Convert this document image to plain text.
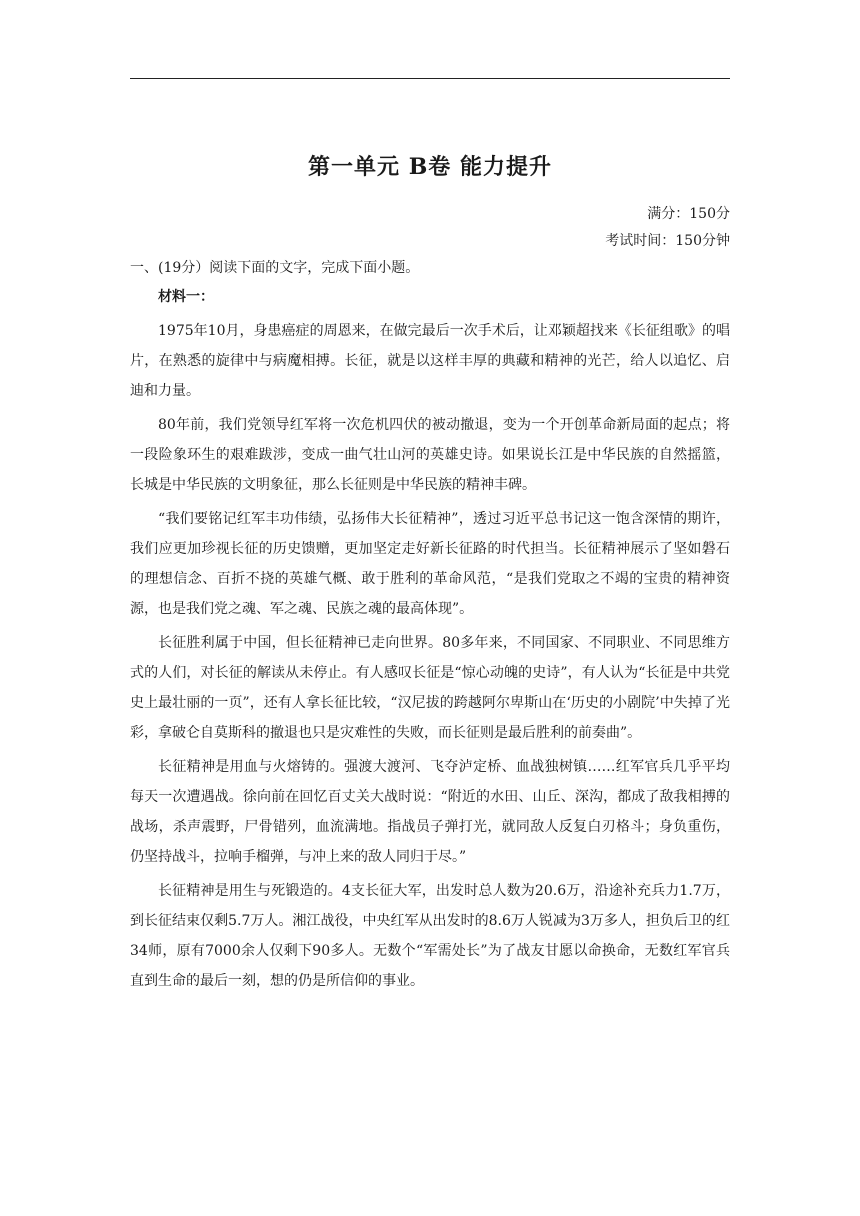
第一单元 B卷 能力提升
满分：150分
考试时间：150分钟
一、(19分）阅读下面的文字，完成下面小题。

材料一：

1975年10月，身患癌症的周恩来，在做完最后一次手术后，让邓颖超找来《长征组歌》的唱片，在熟悉的旋律中与病魔相搏。长征，就是以这样丰厚的典藏和精神的光芒，给人以追忆、启迪和力量。

80年前，我们党领导红军将一次危机四伏的被动撤退，变为一个开创革命新局面的起点；将一段险象环生的艰难跋涉，变成一曲气壮山河的英雄史诗。如果说长江是中华民族的自然摇篮，长城是中华民族的文明象征，那么长征则是中华民族的精神丰碑。

“我们要铭记红军丰功伟绩，弘扬伟大长征精神”，透过习近平总书记这一饱含深情的期许，我们应更加珍视长征的历史馈赠，更加坚定走好新长征路的时代担当。长征精神展示了坚如磐石的理想信念、百折不挠的英雄气概、敢于胜利的革命风范，“是我们党取之不竭的宝贵的精神资源，也是我们党之魂、军之魂、民族之魂的最高体现”。

长征胜利属于中国，但长征精神已走向世界。80多年来，不同国家、不同职业、不同思维方式的人们，对长征的解读从未停止。有人感叹长征是“惊心动魄的史诗”，有人认为“长征是中共党史上最壮丽的一页”，还有人拿长征比较，“汉尼拔的跨越阿尔卑斯山在‘历史的小剧院’中失掉了光彩，拿破仑自莫斯科的撤退也只是灾难性的失败，而长征则是最后胜利的前奏曲”。

长征精神是用血与火熔铸的。强渡大渡河、飞夺泸定桥、血战独树镇……红军官兵几乎平均每天一次遭遇战。徐向前在回忆百丈关大战时说：“附近的水田、山丘、深沟，都成了敌我相搏的战场，杀声震野，尸骨错列，血流满地。指战员子弹打光，就同敌人反复白刃格斗；身负重伤，仍坚持战斗，拉响手榴弹，与冲上来的敌人同归于尽。”

长征精神是用生与死锻造的。4支长征大军，出发时总人数为20.6万，沿途补充兵力1.7万，到长征结束仅剩5.7万人。湘江战役，中央红军从出发时的8.6万人锐减为3万多人，担负后卫的红34师，原有7000余人仅剩下90多人。无数个“军需处长”为了战友甘愿以命换命，无数红军官兵直到生命的最后一刻，想的仍是所信仰的事业。
